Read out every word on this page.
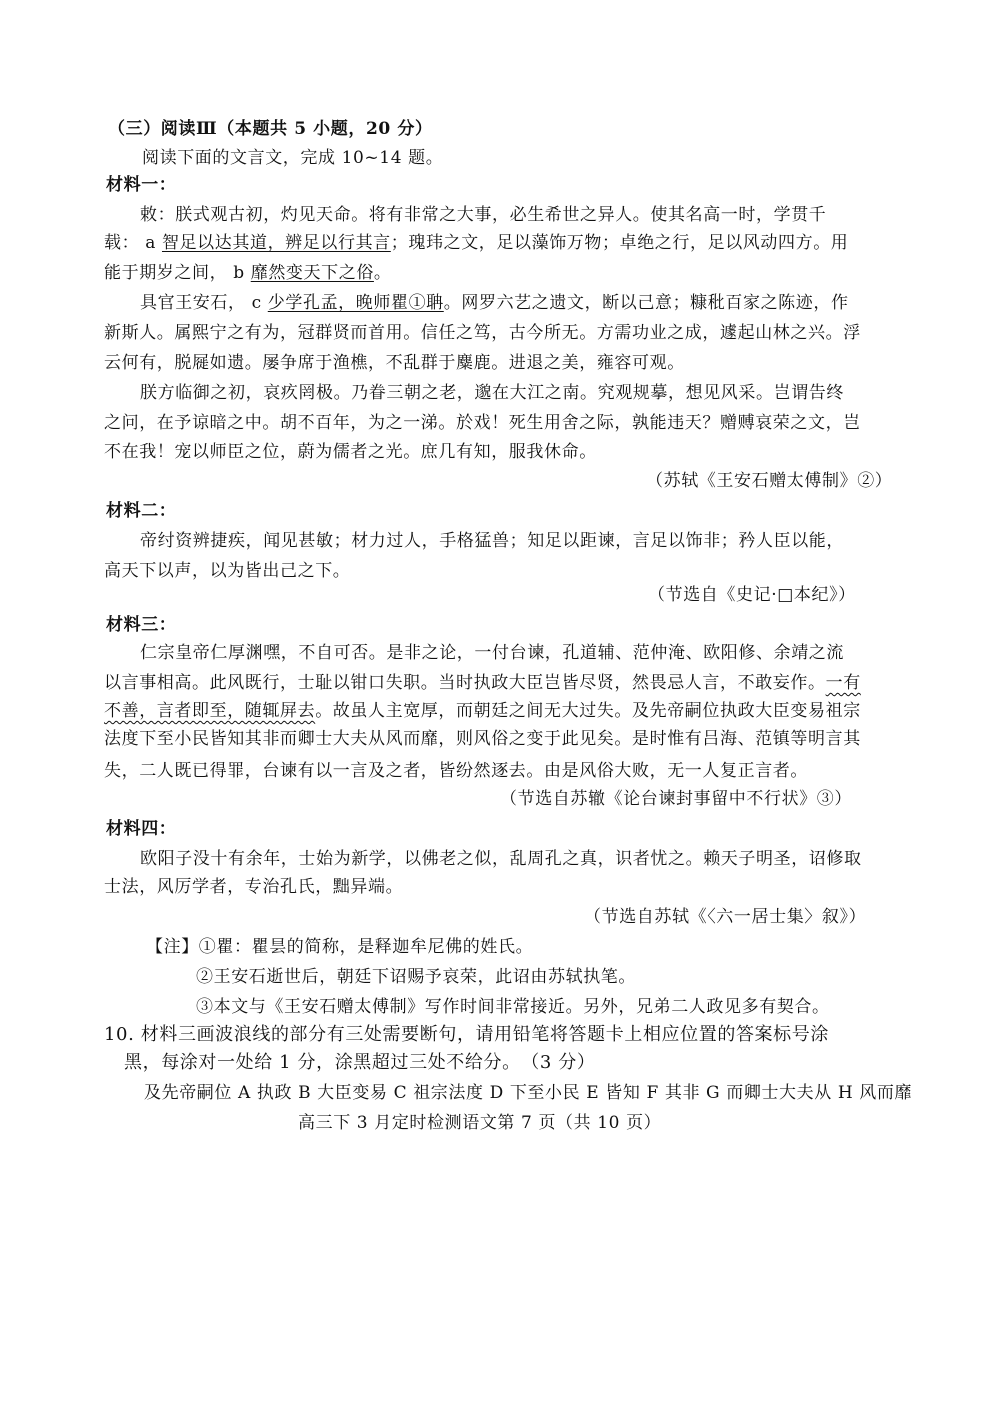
（三）阅读Ⅲ（本题共 5 小题，20 分）
阅读下面的文言文，完成 10~14 题。
材料一：
敕：朕式观古初，灼见天命。将有非常之大事，必生希世之异人。使其名高一时，学贯千
载： a 智足以达其道，辨足以行其言；瑰玮之文，足以藻饰万物；卓绝之行，足以风动四方。用
能于期岁之间， b 靡然变天下之俗。
具官王安石， c 少学孔孟，晚师瞿①聃。网罗六艺之遗文，断以己意；糠秕百家之陈迹，作
新斯人。属熙宁之有为，冠群贤而首用。信任之笃，古今所无。方需功业之成，遽起山林之兴。浮
云何有，脱屣如遗。屡争席于渔樵，不乱群于麋鹿。进退之美，雍容可观。
朕方临御之初，哀疚罔极。乃眷三朝之老，邈在大江之南。究观规摹，想见风采。岂谓告终
之问，在予谅暗之中。胡不百年，为之一涕。於戏！死生用舍之际，孰能违天？赠赙哀荣之文，岂
不在我！宠以师臣之位，蔚为儒者之光。庶几有知，服我休命。
（苏轼《王安石赠太傅制》②）
材料二：
帝纣资辨捷疾，闻见甚敏；材力过人，手格猛兽；知足以距谏，言足以饰非；矜人臣以能，
高天下以声，以为皆出己之下。
（节选自《史记·□本纪》）
材料三：
仁宗皇帝仁厚渊嘿，不自可否。是非之论，一付台谏，孔道辅、范仲淹、欧阳修、余靖之流
以言事相高。此风既行，士耻以钳口失职。当时执政大臣岂皆尽贤，然畏忌人言，不敢妄作。一有
不善，言者即至，随辄屏去。故虽人主宽厚，而朝廷之间无大过失。及先帝嗣位执政大臣变易祖宗
法度下至小民皆知其非而卿士大夫从风而靡，则风俗之变于此见矣。是时惟有吕海、范镇等明言其
失，二人既已得罪，台谏有以一言及之者，皆纷然逐去。由是风俗大败，无一人复正言者。
（节选自苏辙《论台谏封事留中不行状》③）
材料四：
欧阳子没十有余年，士始为新学，以佛老之似，乱周孔之真，识者忧之。赖天子明圣，诏修取
士法，风厉学者，专治孔氏，黜异端。
（节选自苏轼《〈六一居士集〉叙》）
【注】①瞿：瞿昙的简称，是释迦牟尼佛的姓氏。
②王安石逝世后，朝廷下诏赐予哀荣，此诏由苏轼执笔。
③本文与《王安石赠太傅制》写作时间非常接近。另外，兄弟二人政见多有契合。
10. 材料三画波浪线的部分有三处需要断句，请用铅笔将答题卡上相应位置的答案标号涂
黑，每涂对一处给 1 分，涂黑超过三处不给分。　（3 分）
及先帝嗣位 A 执政 B 大臣变易 C 祖宗法度 D 下至小民 E 皆知 F 其非 G 而卿士大夫从 H 风而靡
高三下 3 月定时检测语文第 7 页（共 10 页）
